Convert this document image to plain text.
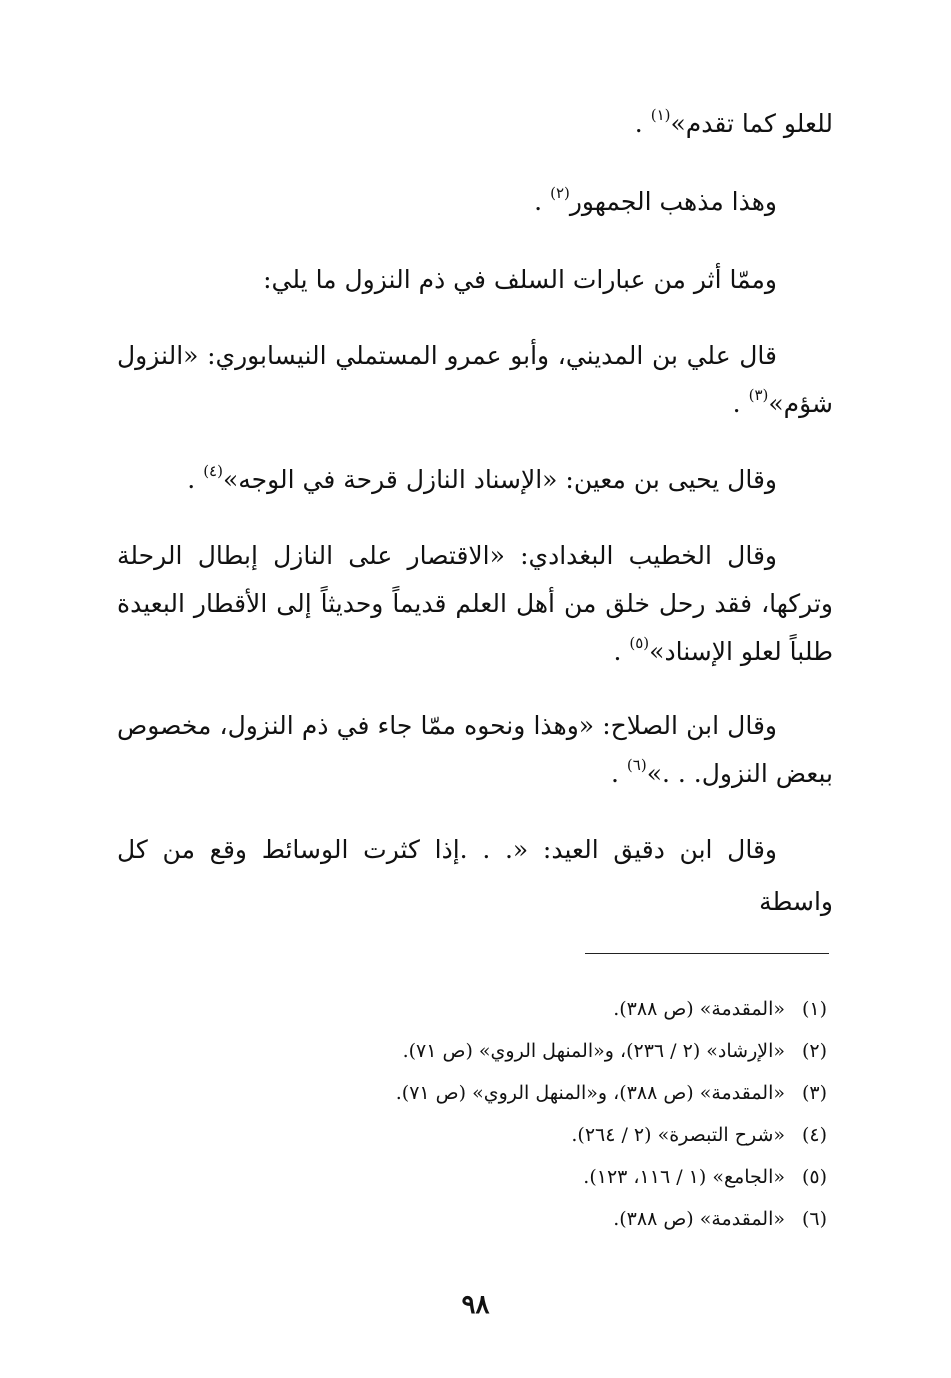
للعلو كما تقدم»$^{(١)}$ .

وهذا مذهب الجمهور$^{(٢)}$ .

وممّا أثر من عبارات السلف في ذم النزول ما يلي:

قال علي بن المديني، وأبو عمرو المستملي النيسابوري: «النزول شؤم»$^{(٣)}$ .

وقال يحيى بن معين: «الإسناد النازل قرحة في الوجه»$^{(٤)}$ .

وقال الخطيب البغدادي: «الاقتصار على النازل إبطال الرحلة وتركها، فقد رحل خلق من أهل العلم قديماً وحديثاً إلى الأقطار البعيدة طلباً لعلو الإسناد»$^{(٥)}$ .

وقال ابن الصلاح: «وهذا ونحوه ممّا جاء في ذم النزول، مخصوص ببعض النزول. . .»$^{(٦)}$ .

وقال ابن دقيق العيد: «. . .إذا كثرت الوسائط وقع من كل واسطة

(١)«المقدمة» (ص ٣٨٨).

(٢)«الإرشاد» (٢ / ٢٣٦)، و«المنهل الروي» (ص ٧١).

(٣)«المقدمة» (ص ٣٨٨)، و«المنهل الروي» (ص ٧١).

(٤)«شرح التبصرة» (٢ / ٢٦٤).

(٥)«الجامع» (١ / ١١٦، ١٢٣).

(٦)«المقدمة» (ص ٣٨٨).

٩٨
